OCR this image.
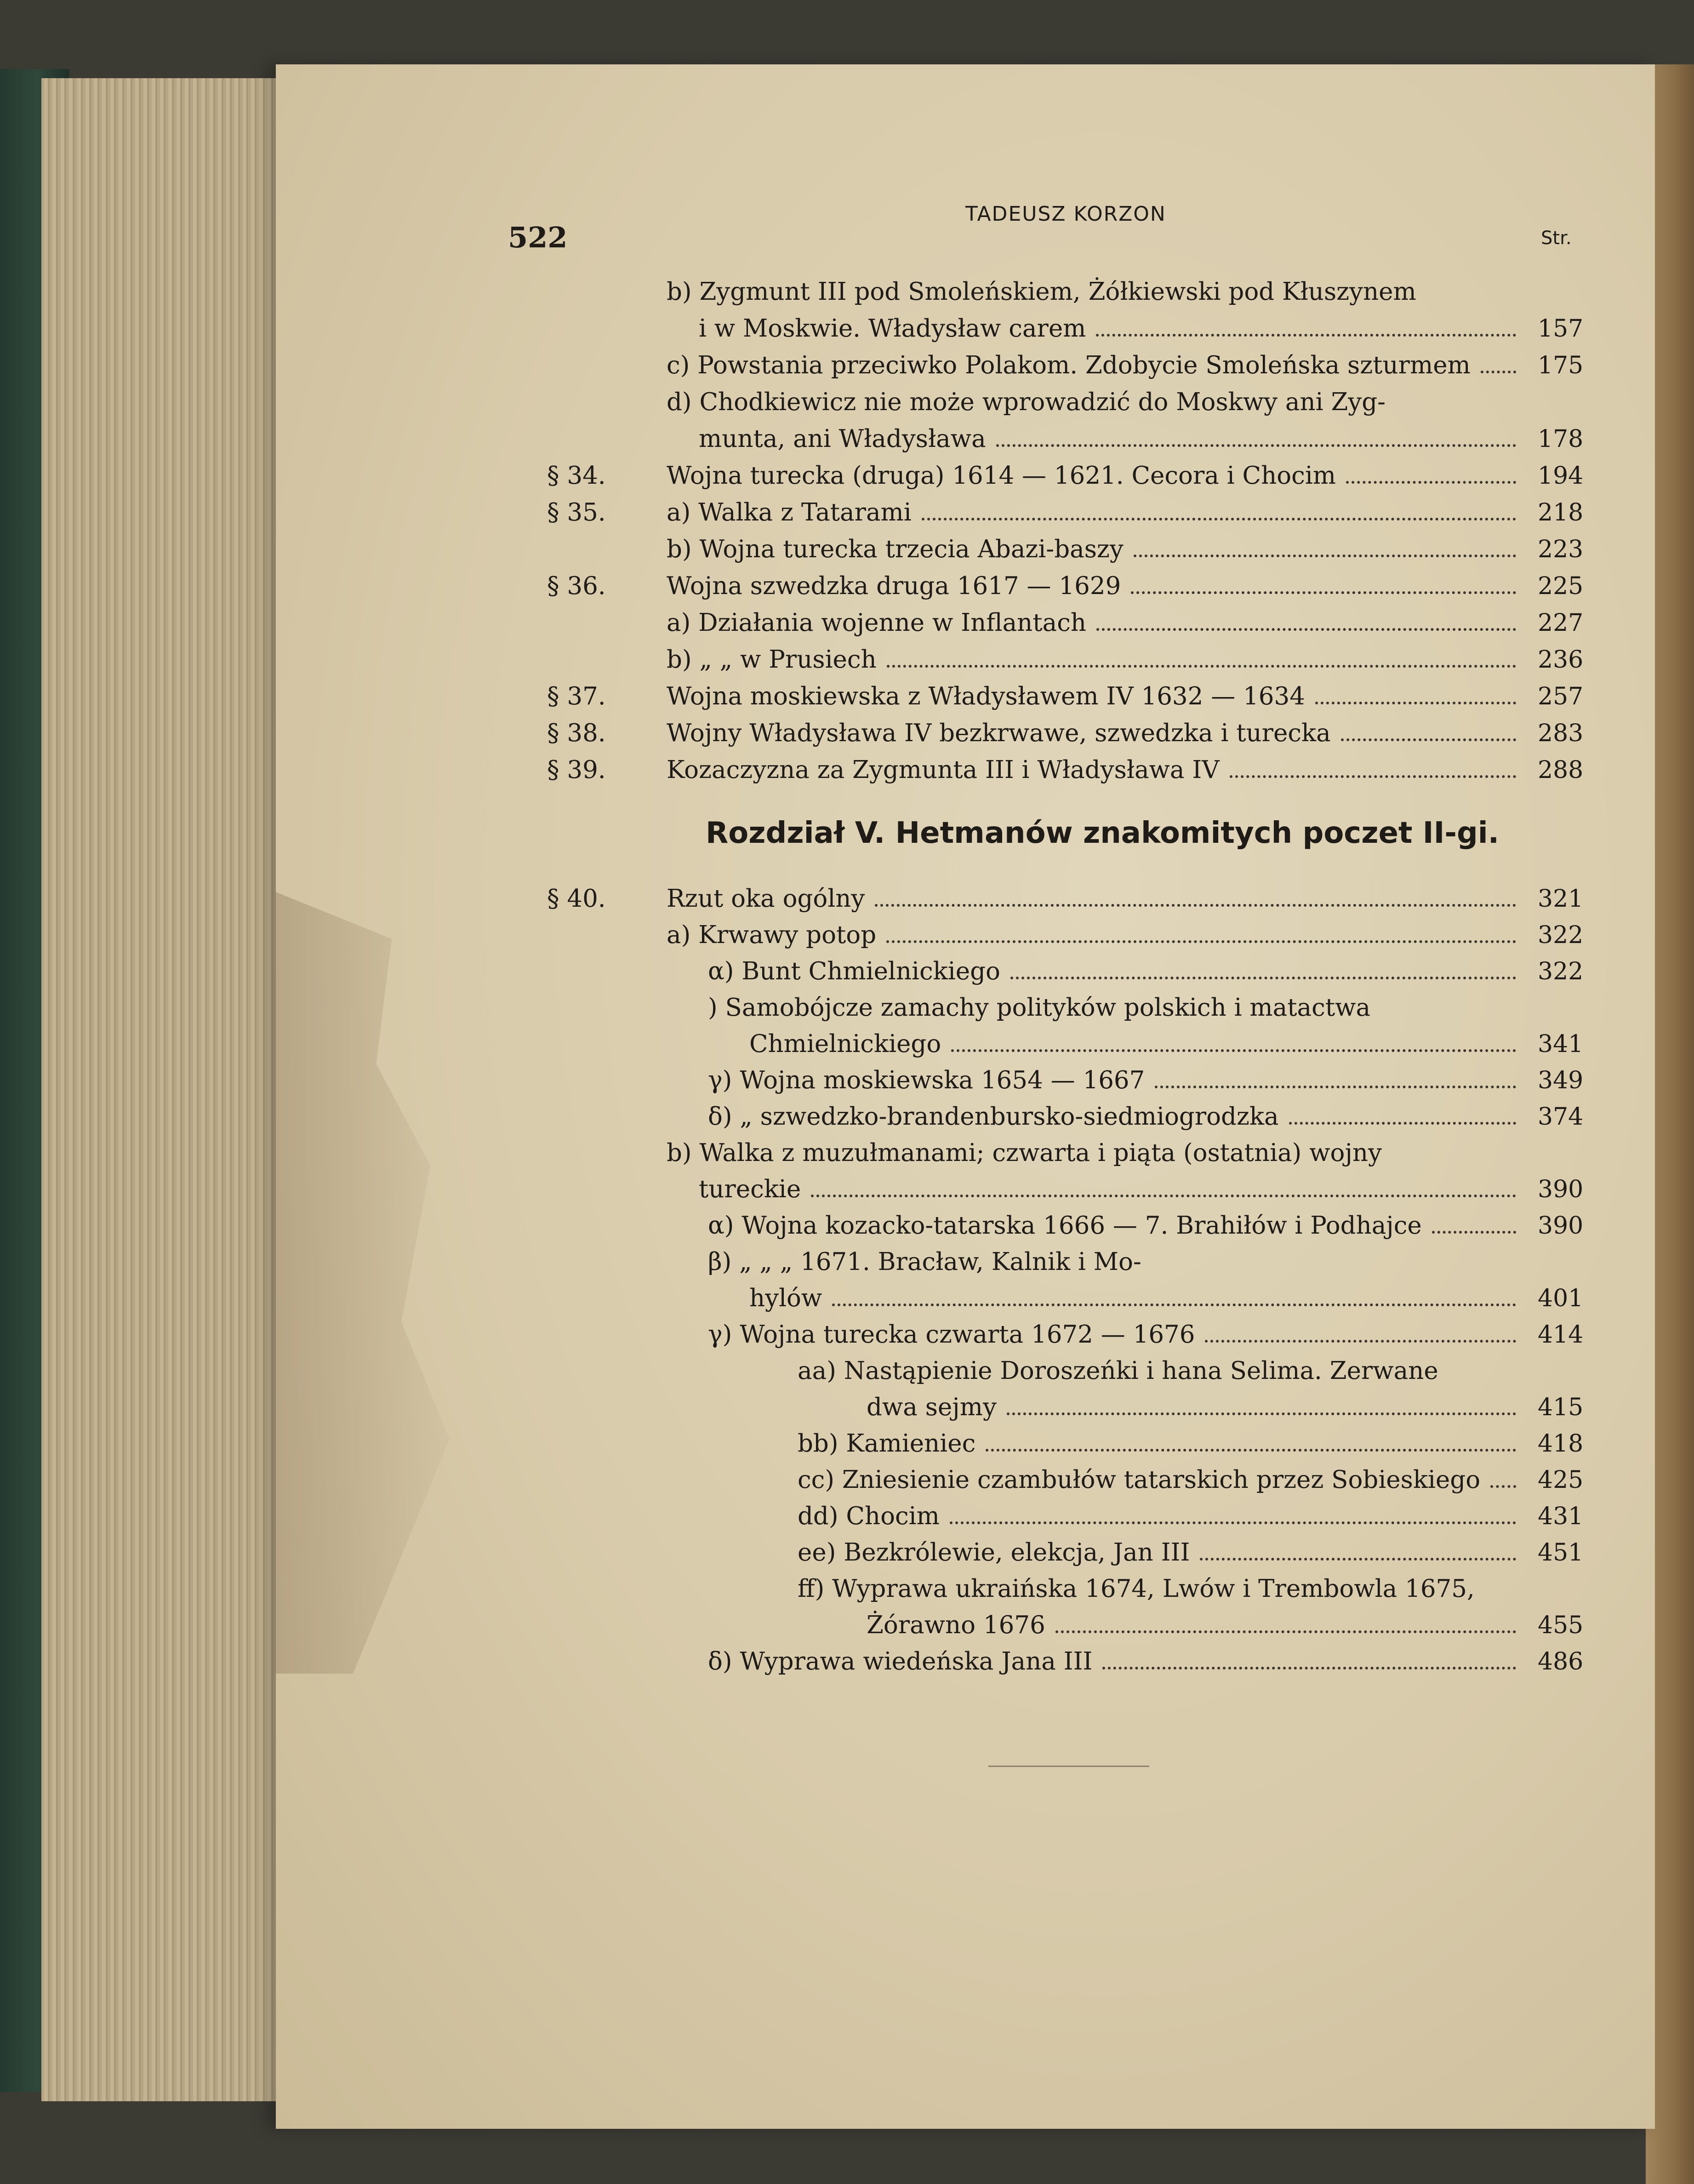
522
TADEUSZ KORZON
Str.
b) Zygmunt III pod Smoleńskiem, Żółkiewski pod Kłuszynem
i w Moskwie. Władysław carem	157
c) Powstania przeciwko Polakom. Zdobycie Smoleńska szturmem	175
d) Chodkiewicz nie może wprowadzić do Moskwy ani Zyg-
munta, ani Władysława	178
§ 34. Wojna turecka (druga) 1614 — 1621. Cecora i Chocim	194
§ 35. a) Walka z Tatarami	218
b) Wojna turecka trzecia Abazi-baszy	223
§ 36. Wojna szwedzka druga 1617 — 1629	225
a) Działania wojenne w Inflantach	227
b) „ „ w Prusiech	236
§ 37. Wojna moskiewska z Władysławem IV 1632 — 1634	257
§ 38. Wojny Władysława IV bezkrwawe, szwedzka i turecka	283
§ 39. Kozaczyzna za Zygmunta III i Władysława IV	288
Rozdział V. Hetmanów znakomitych poczet II-gi.
§ 40. Rzut oka ogólny	321
a) Krwawy potop	322
α) Bunt Chmielnickiego	322
) Samobójcze zamachy polityków polskich i matactwa
Chmielnickiego	341
γ) Wojna moskiewska 1654 — 1667	349
δ) „ szwedzko-brandenbursko-siedmiogrodzka	374
b) Walka z muzułmanami; czwarta i piąta (ostatnia) wojny
tureckie	390
α) Wojna kozacko-tatarska 1666 — 7. Brahiłów i Podhajce	390
β) „ „ „ 1671. Bracław, Kalnik i Mo-
hylów	401
γ) Wojna turecka czwarta 1672 — 1676	414
aa) Nastąpienie Doroszeńki i hana Selima. Zerwane
dwa sejmy	415
bb) Kamieniec	418
cc) Zniesienie czambułów tatarskich przez Sobieskiego 425
dd) Chocim	431
ee) Bezkrólewie, elekcja, Jan III	451
ff) Wyprawa ukraińska 1674, Lwów i Trembowla 1675,
Żórawno 1676	455
δ) Wyprawa wiedeńska Jana III	486
